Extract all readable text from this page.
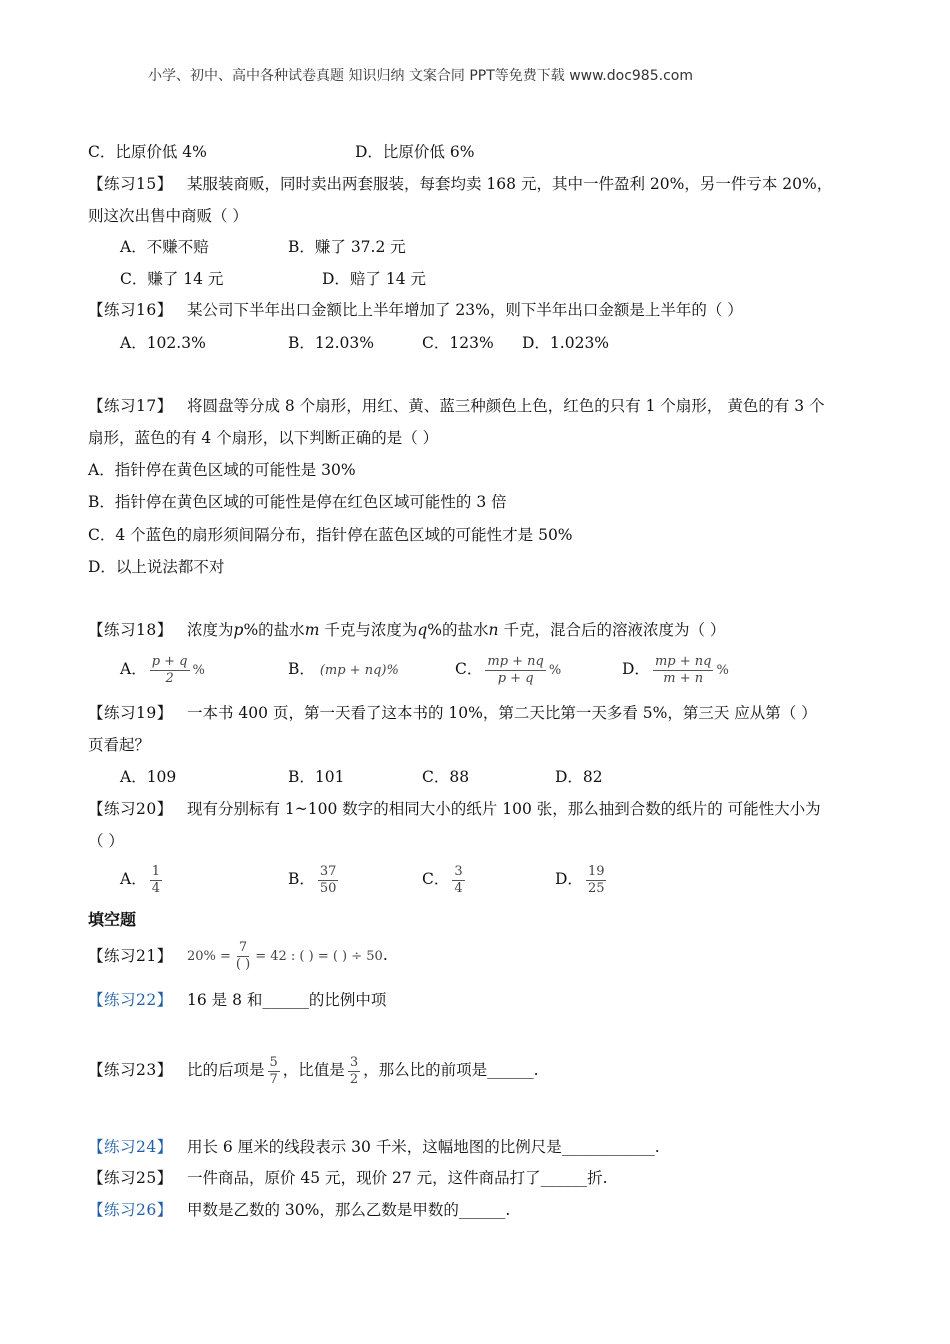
小学、初中、高中各种试卷真题 知识归纳 文案合同 PPT等免费下载 www.doc985.com
C．比原价低 4%	D．比原价低 6%
【练习15】 某服装商贩，同时卖出两套服装，每套均卖 168 元，其中一件盈利 20%，另一件亏本 20%，
则这次出售中商贩（ ）
A．不赚不赔	B．赚了 37.2 元
C．赚了 14 元	D．赔了 14 元
【练习16】 某公司下半年出口金额比上半年增加了 23%，则下半年出口金额是上半年的（ ）
A．102.3%	B．12.03%	C．123% D．1.023%
【练习17】 将圆盘等分成 8 个扇形，用红、黄、蓝三种颜色上色，红色的只有 1 个扇形， 黄色的有 3 个
扇形，蓝色的有 4 个扇形，以下判断正确的是（ ）
A．指针停在黄色区域的可能性是 30%
B．指针停在黄色区域的可能性是停在红色区域可能性的 3 倍
C．4 个蓝色的扇形须间隔分布，指针停在蓝色区域的可能性才是 50%
D．以上说法都不对
【练习18】 浓度为p%的盐水m 千克与浓度为q%的盐水n 千克，混合后的溶液浓度为（ ）
A． $\frac{p + q}{2}$ %	B． (mp + nq)%	C． $\frac{mp + nq}{p + q}$ %	D． $\frac{mp + nq}{m + n}$ %
【练习19】 一本书 400 页，第一天看了这本书的 10%，第二天比第一天多看 5%，第三天 应从第（ ）
页看起？
A．109	B．101	C．88	D．82
【练习20】 现有分别标有 1~100 数字的相同大小的纸片 100 张，那么抽到合数的纸片的 可能性大小为
（ ）
A． $\frac{1}{4}$	B． $\frac{37}{50}$	C． $\frac{3}{4}$	D． $\frac{19}{25}$
填空题
【练习21】 $20\% = \frac{7}{( )} = 42$ : ( ) = ( ) ÷ 50.
【练习22】 16 是 8 和______的比例中项
【练习23】 比的后项是 $\frac{5}{7}$ ，比值是 $\frac{3}{2}$ ，那么比的前项是______.
【练习24】 用长 6 厘米的线段表示 30 千米，这幅地图的比例尺是____________.
【练习25】 一件商品，原价 45 元，现价 27 元，这件商品打了______折.
【练习26】 甲数是乙数的 30%，那么乙数是甲数的______.
